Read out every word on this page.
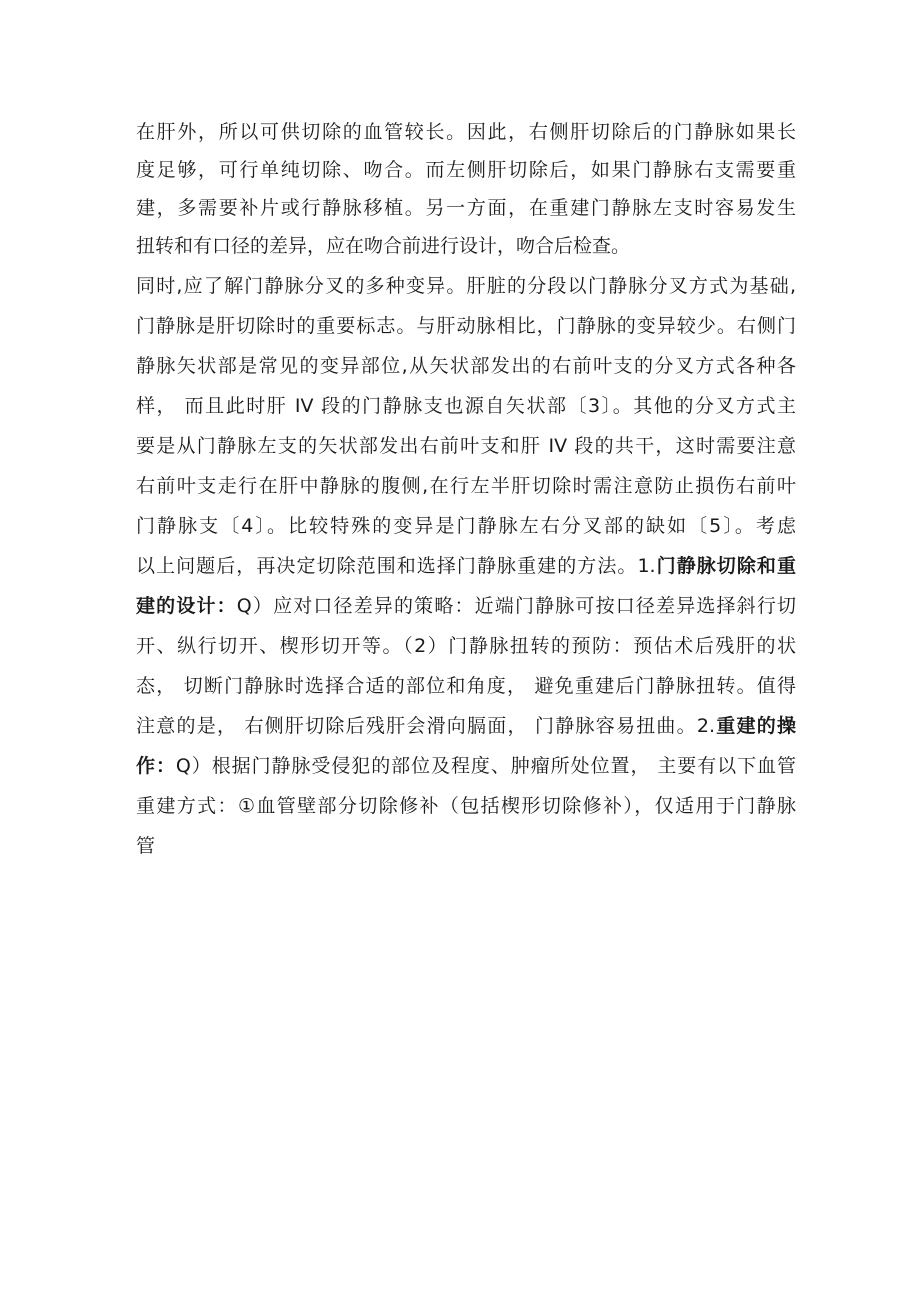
在肝外，所以可供切除的血管较长。因此，右侧肝切除后的门静脉如果长

度足够，可行单纯切除、吻合。而左侧肝切除后，如果门静脉右支需要重

建，多需要补片或行静脉移植。另一方面，在重建门静脉左支时容易发生

扭转和有口径的差异，应在吻合前进行设计，吻合后检查。

同时,应了解门静脉分叉的多种变异。肝脏的分段以门静脉分叉方式为基础,

门静脉是肝切除时的重要标志。与肝动脉相比，门静脉的变异较少。右侧门

静脉矢状部是常见的变异部位,从矢状部发出的右前叶支的分叉方式各种各

样， 而且此时肝 IV 段的门静脉支也源自矢状部〔3〕。其他的分叉方式主

要是从门静脉左支的矢状部发出右前叶支和肝 IV 段的共干，这时需要注意

右前叶支走行在肝中静脉的腹侧,在行左半肝切除时需注意防止损伤右前叶

门静脉支〔4〕。比较特殊的变异是门静脉左右分叉部的缺如〔5〕。考虑

以上问题后，再决定切除范围和选择门静脉重建的方法。1.门静脉切除和重

建的设计：Q）应对口径差异的策略：近端门静脉可按口径差异选择斜行切

开、纵行切开、楔形切开等。（2）门静脉扭转的预防：预估术后残肝的状

态， 切断门静脉时选择合适的部位和角度， 避免重建后门静脉扭转。值得

注意的是， 右侧肝切除后残肝会滑向膈面， 门静脉容易扭曲。2.重建的操

作：Q）根据门静脉受侵犯的部位及程度、肿瘤所处位置， 主要有以下血管

重建方式：①血管壁部分切除修补（包括楔形切除修补），仅适用于门静脉

管
